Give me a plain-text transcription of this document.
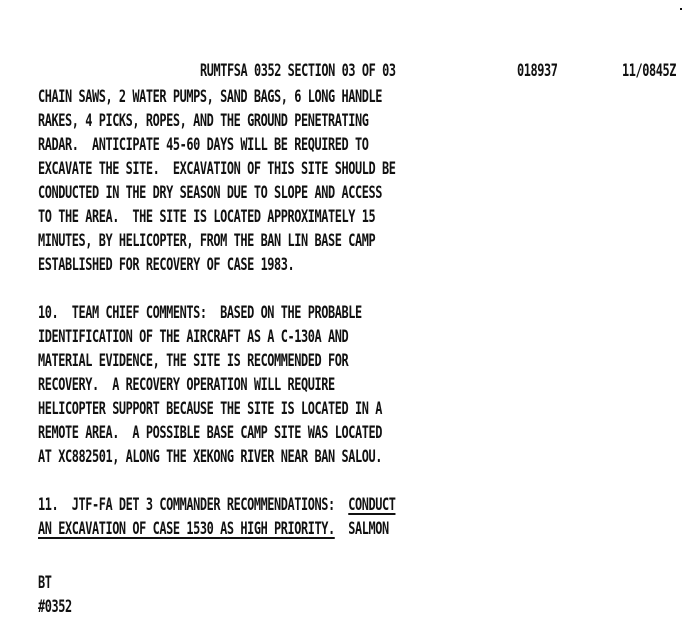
RUMTFSA 0352 SECTION 03 OF 03	018937	11/0845Z
CHAIN SAWS, 2 WATER PUMPS, SAND BAGS, 6 LONG HANDLE
RAKES, 4 PICKS, ROPES, AND THE GROUND PENETRATING
RADAR.  ANTICIPATE 45-60 DAYS WILL BE REQUIRED TO
EXCAVATE THE SITE.  EXCAVATION OF THIS SITE SHOULD BE
CONDUCTED IN THE DRY SEASON DUE TO SLOPE AND ACCESS
TO THE AREA.  THE SITE IS LOCATED APPROXIMATELY 15
MINUTES, BY HELICOPTER, FROM THE BAN LIN BASE CAMP
ESTABLISHED FOR RECOVERY OF CASE 1983.
10.  TEAM CHIEF COMMENTS:  BASED ON THE PROBABLE
IDENTIFICATION OF THE AIRCRAFT AS A C-130A AND
MATERIAL EVIDENCE, THE SITE IS RECOMMENDED FOR
RECOVERY.  A RECOVERY OPERATION WILL REQUIRE
HELICOPTER SUPPORT BECAUSE THE SITE IS LOCATED IN A
REMOTE AREA.  A POSSIBLE BASE CAMP SITE WAS LOCATED
AT XC882501, ALONG THE XEKONG RIVER NEAR BAN SALOU.
11.  JTF-FA DET 3 COMMANDER RECOMMENDATIONS:  CONDUCT
AN EXCAVATION OF CASE 1530 AS HIGH PRIORITY.  SALMON
BT
#0352
